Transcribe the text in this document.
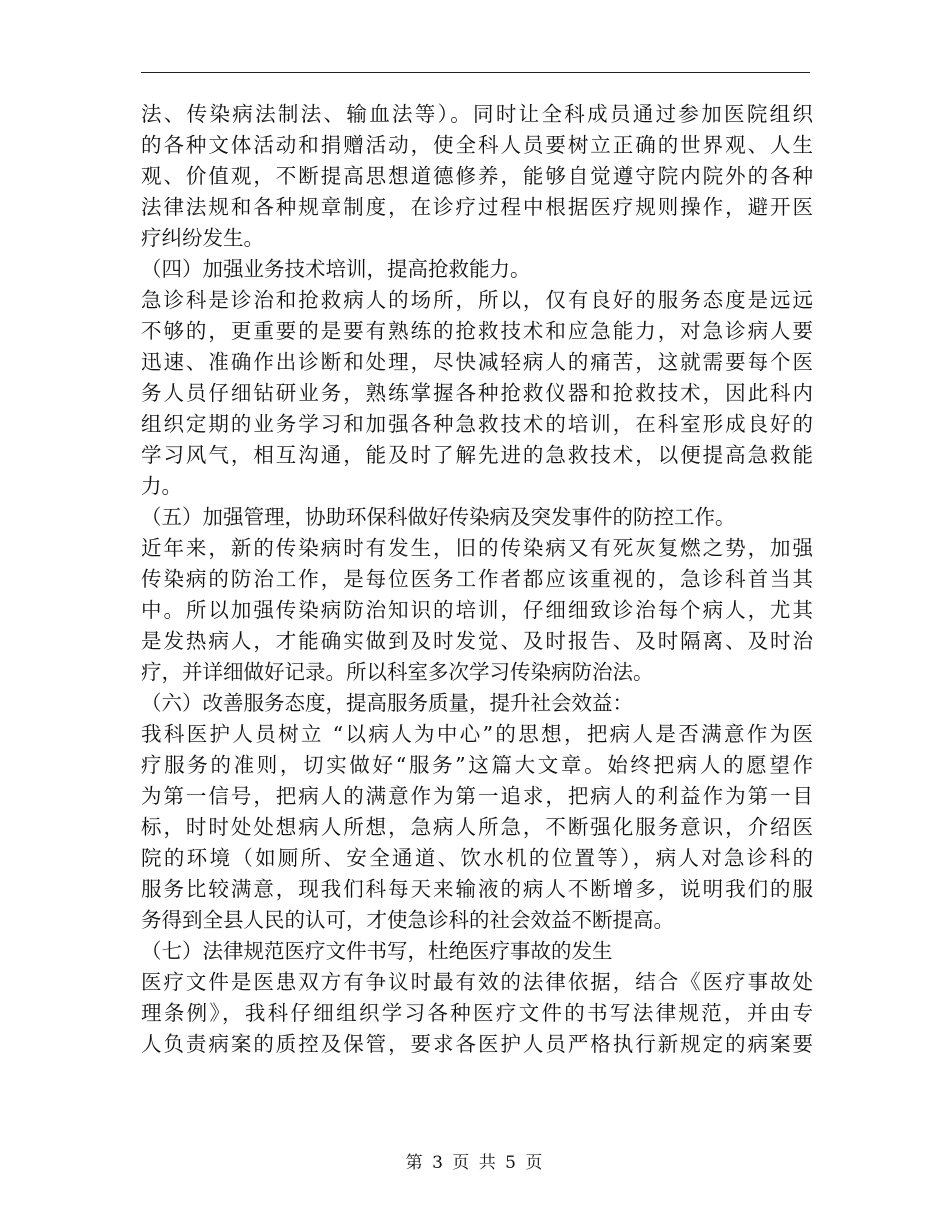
法、传染病法制法、输血法等）。同时让全科成员通过参加医院组织
的各种文体活动和捐赠活动，使全科人员要树立正确的世界观、人生
观、价值观，不断提高思想道德修养，能够自觉遵守院内院外的各种
法律法规和各种规章制度，在诊疗过程中根据医疗规则操作，避开医
疗纠纷发生。
（四）加强业务技术培训，提高抢救能力。
急诊科是诊治和抢救病人的场所，所以，仅有良好的服务态度是远远
不够的，更重要的是要有熟练的抢救技术和应急能力，对急诊病人要
迅速、准确作出诊断和处理，尽快减轻病人的痛苦，这就需要每个医
务人员仔细钻研业务，熟练掌握各种抢救仪器和抢救技术，因此科内
组织定期的业务学习和加强各种急救技术的培训，在科室形成良好的
学习风气，相互沟通，能及时了解先进的急救技术，以便提高急救能
力。
（五）加强管理，协助环保科做好传染病及突发事件的防控工作。
近年来，新的传染病时有发生，旧的传染病又有死灰复燃之势，加强
传染病的防治工作，是每位医务工作者都应该重视的，急诊科首当其
中。所以加强传染病防治知识的培训，仔细细致诊治每个病人，尤其
是发热病人，才能确实做到及时发觉、及时报告、及时隔离、及时治
疗，并详细做好记录。所以科室多次学习传染病防治法。
（六）改善服务态度，提高服务质量，提升社会效益：
我科医护人员树立 “以病人为中心”的思想，把病人是否满意作为医
疗服务的准则，切实做好“服务”这篇大文章。始终把病人的愿望作
为第一信号，把病人的满意作为第一追求，把病人的利益作为第一目
标，时时处处想病人所想，急病人所急，不断强化服务意识，介绍医
院的环境（如厕所、安全通道、饮水机的位置等），病人对急诊科的
服务比较满意，现我们科每天来输液的病人不断增多，说明我们的服
务得到全县人民的认可，才使急诊科的社会效益不断提高。
（七）法律规范医疗文件书写，杜绝医疗事故的发生
医疗文件是医患双方有争议时最有效的法律依据，结合《医疗事故处
理条例》，我科仔细组织学习各种医疗文件的书写法律规范，并由专
人负责病案的质控及保管，要求各医护人员严格执行新规定的病案要
第 3 页 共 5 页
